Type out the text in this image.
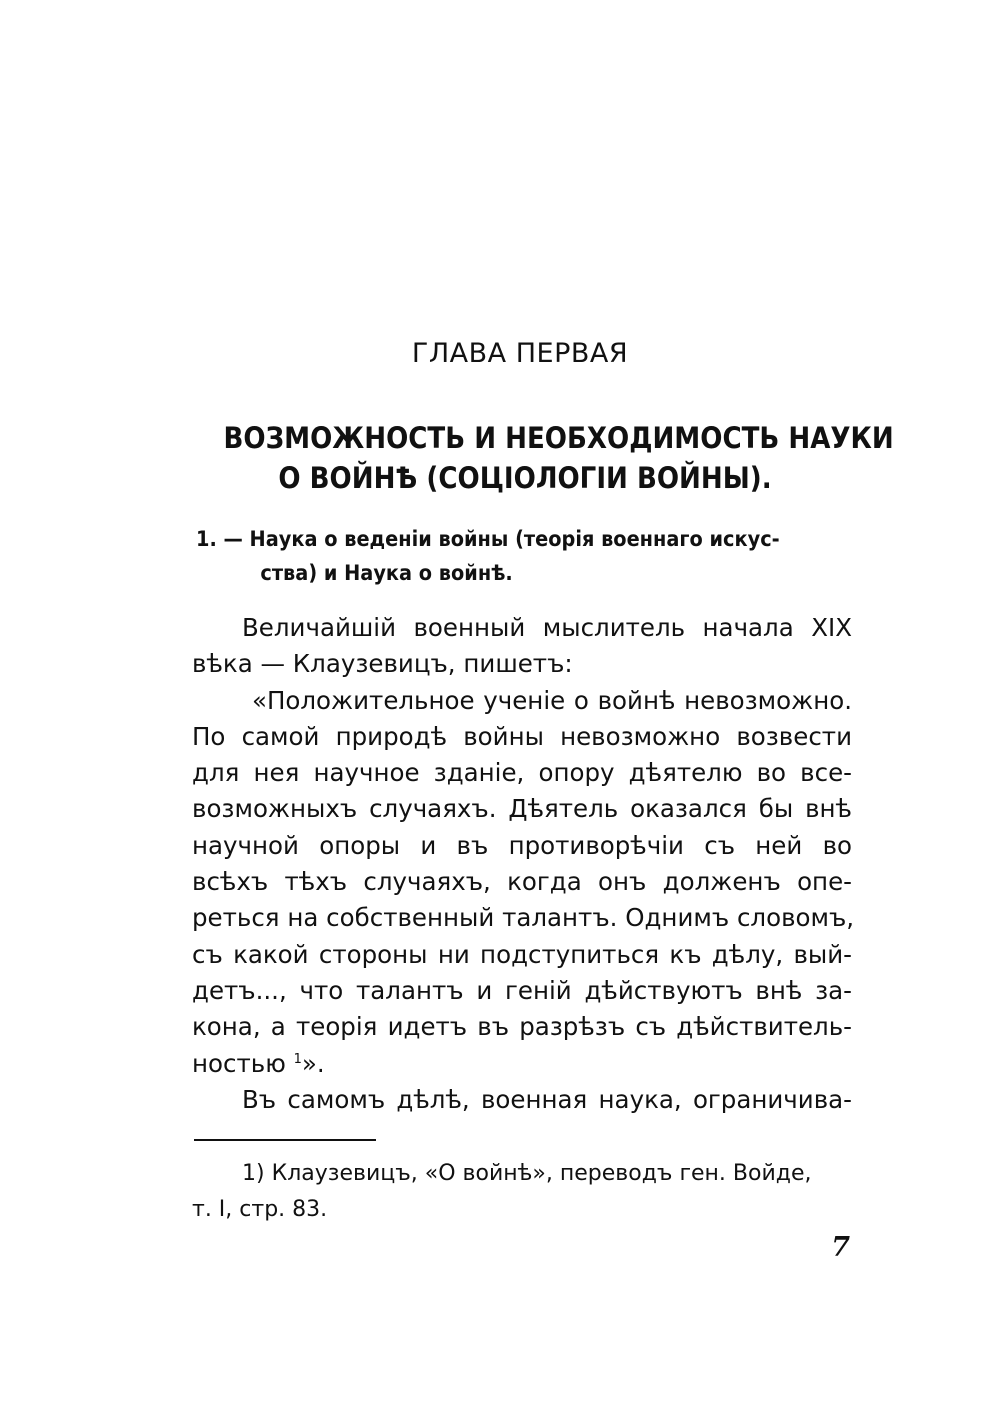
ГЛАВА ПЕРВАЯ
ВОЗМОЖНОСТЬ И НЕОБХОДИМОСТЬ НАУКИ
О ВОЙНѢ (СОЦIОЛОГIИ ВОЙНЫ).
1. — Наука о веденiи войны (теорiя военнаго искус-
ства) и Наука о войнѣ.
Величайшiй военный мыслитель начала XIX
вѣка — Клаузевицъ, пишетъ:
«Положительное ученiе о войнѣ невозможно.
По самой природѣ войны невозможно возвести
для нея научное зданiе, опору дѣятелю во все-
возможныхъ случаяхъ. Дѣятель оказался бы внѣ
научной опоры и въ противорѣчiи съ ней во
всѣхъ тѣхъ случаяхъ, когда онъ долженъ опе-
реться на собственный талантъ. Однимъ словомъ,
съ какой стороны ни подступиться къ дѣлу, вый-
детъ..., что талантъ и генiй дѣйствуютъ внѣ за-
кона, а теорiя идетъ въ разрѣзъ съ дѣйствитель-
ностью $^1$».
Въ самомъ дѣлѣ, военная наука, ограничива-
1) Клаузевицъ, «О войнѣ», переводъ ген. Войде,
т. I, стр. 83.
7
